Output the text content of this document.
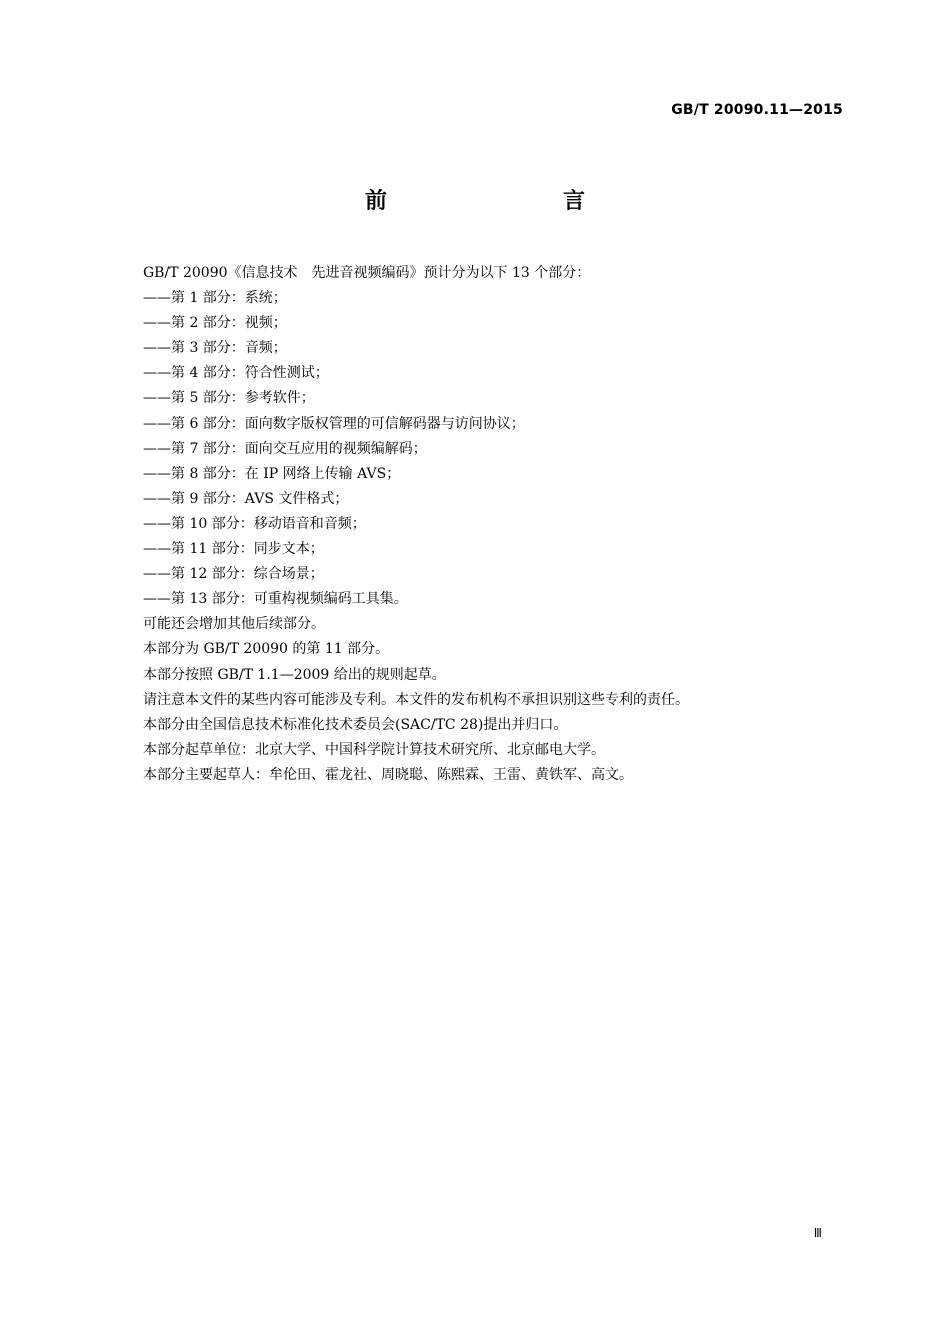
GB/T 20090.11—2015
前　　言
GB/T 20090《信息技术　先进音视频编码》预计分为以下 13 个部分：
——第 1 部分：系统；
——第 2 部分：视频；
——第 3 部分：音频；
——第 4 部分：符合性测试；
——第 5 部分：参考软件；
——第 6 部分：面向数字版权管理的可信解码器与访问协议；
——第 7 部分：面向交互应用的视频编解码；
——第 8 部分：在 IP 网络上传输 AVS；
——第 9 部分：AVS 文件格式；
——第 10 部分：移动语音和音频；
——第 11 部分：同步文本；
——第 12 部分：综合场景；
——第 13 部分：可重构视频编码工具集。
可能还会增加其他后续部分。
本部分为 GB/T 20090 的第 11 部分。
本部分按照 GB/T 1.1—2009 给出的规则起草。
请注意本文件的某些内容可能涉及专利。本文件的发布机构不承担识别这些专利的责任。
本部分由全国信息技术标准化技术委员会(SAC/TC 28)提出并归口。
本部分起草单位：北京大学、中国科学院计算技术研究所、北京邮电大学。
本部分主要起草人：牟伦田、霍龙社、周晓聪、陈熙霖、王雷、黄铁军、高文。
Ⅲ
